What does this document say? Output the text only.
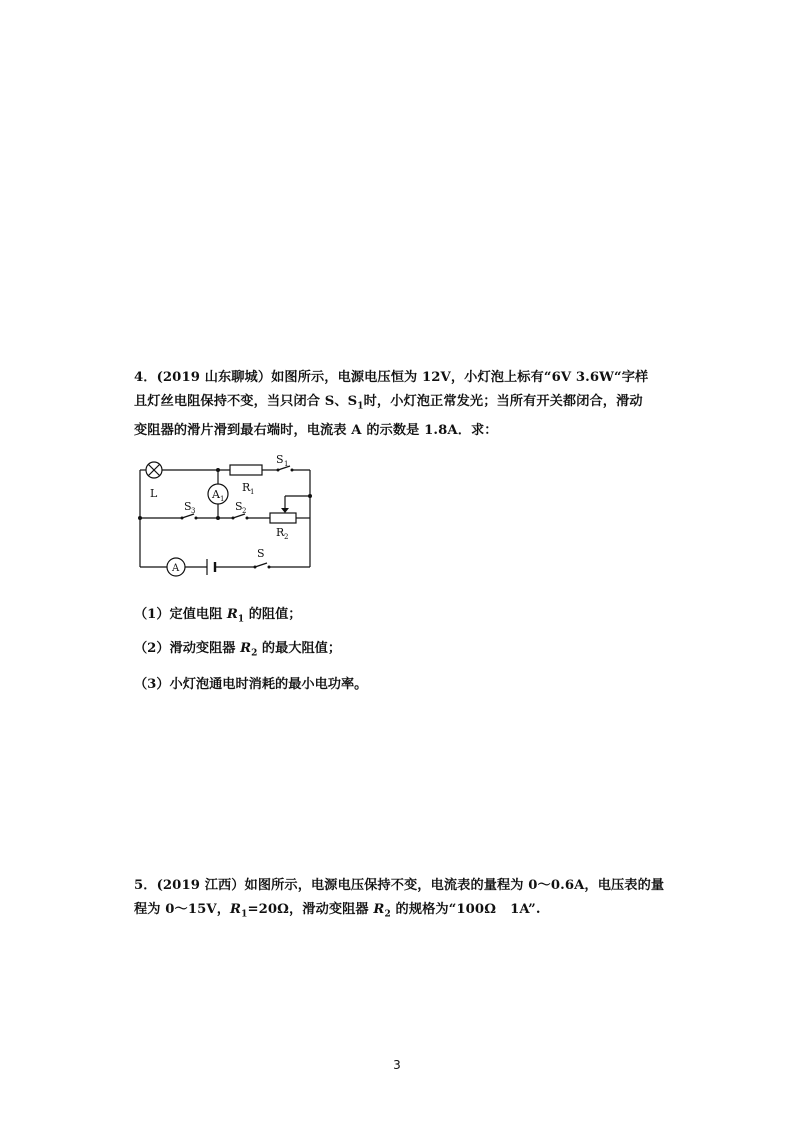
4．(2019 山东聊城）如图所示，电源电压恒为 12V，小灯泡上标有“6V 3.6W“字样
且灯丝电阻保持不变，当只闭合 S、$S_1$时，小灯泡正常发光；当所有开关都闭合，滑动
变阻器的滑片滑到最右端时，电流表 A 的示数是 1.8A．求：
L	A 1
R 1
S 1
S 3	S 2
R 2
A
S
（1）定值电阻 $R_1$ 的阻值；
（2）滑动变阻器 $R_2$ 的最大阻值；
（3）小灯泡通电时消耗的最小电功率。
5．(2019 江西）如图所示，电源电压保持不变，电流表的量程为 0～0.6A，电压表的量
程为 0～15V，$R_1=20\Omega$，滑动变阻器 $R_2$ 的规格为“100Ω   1A”.
3
